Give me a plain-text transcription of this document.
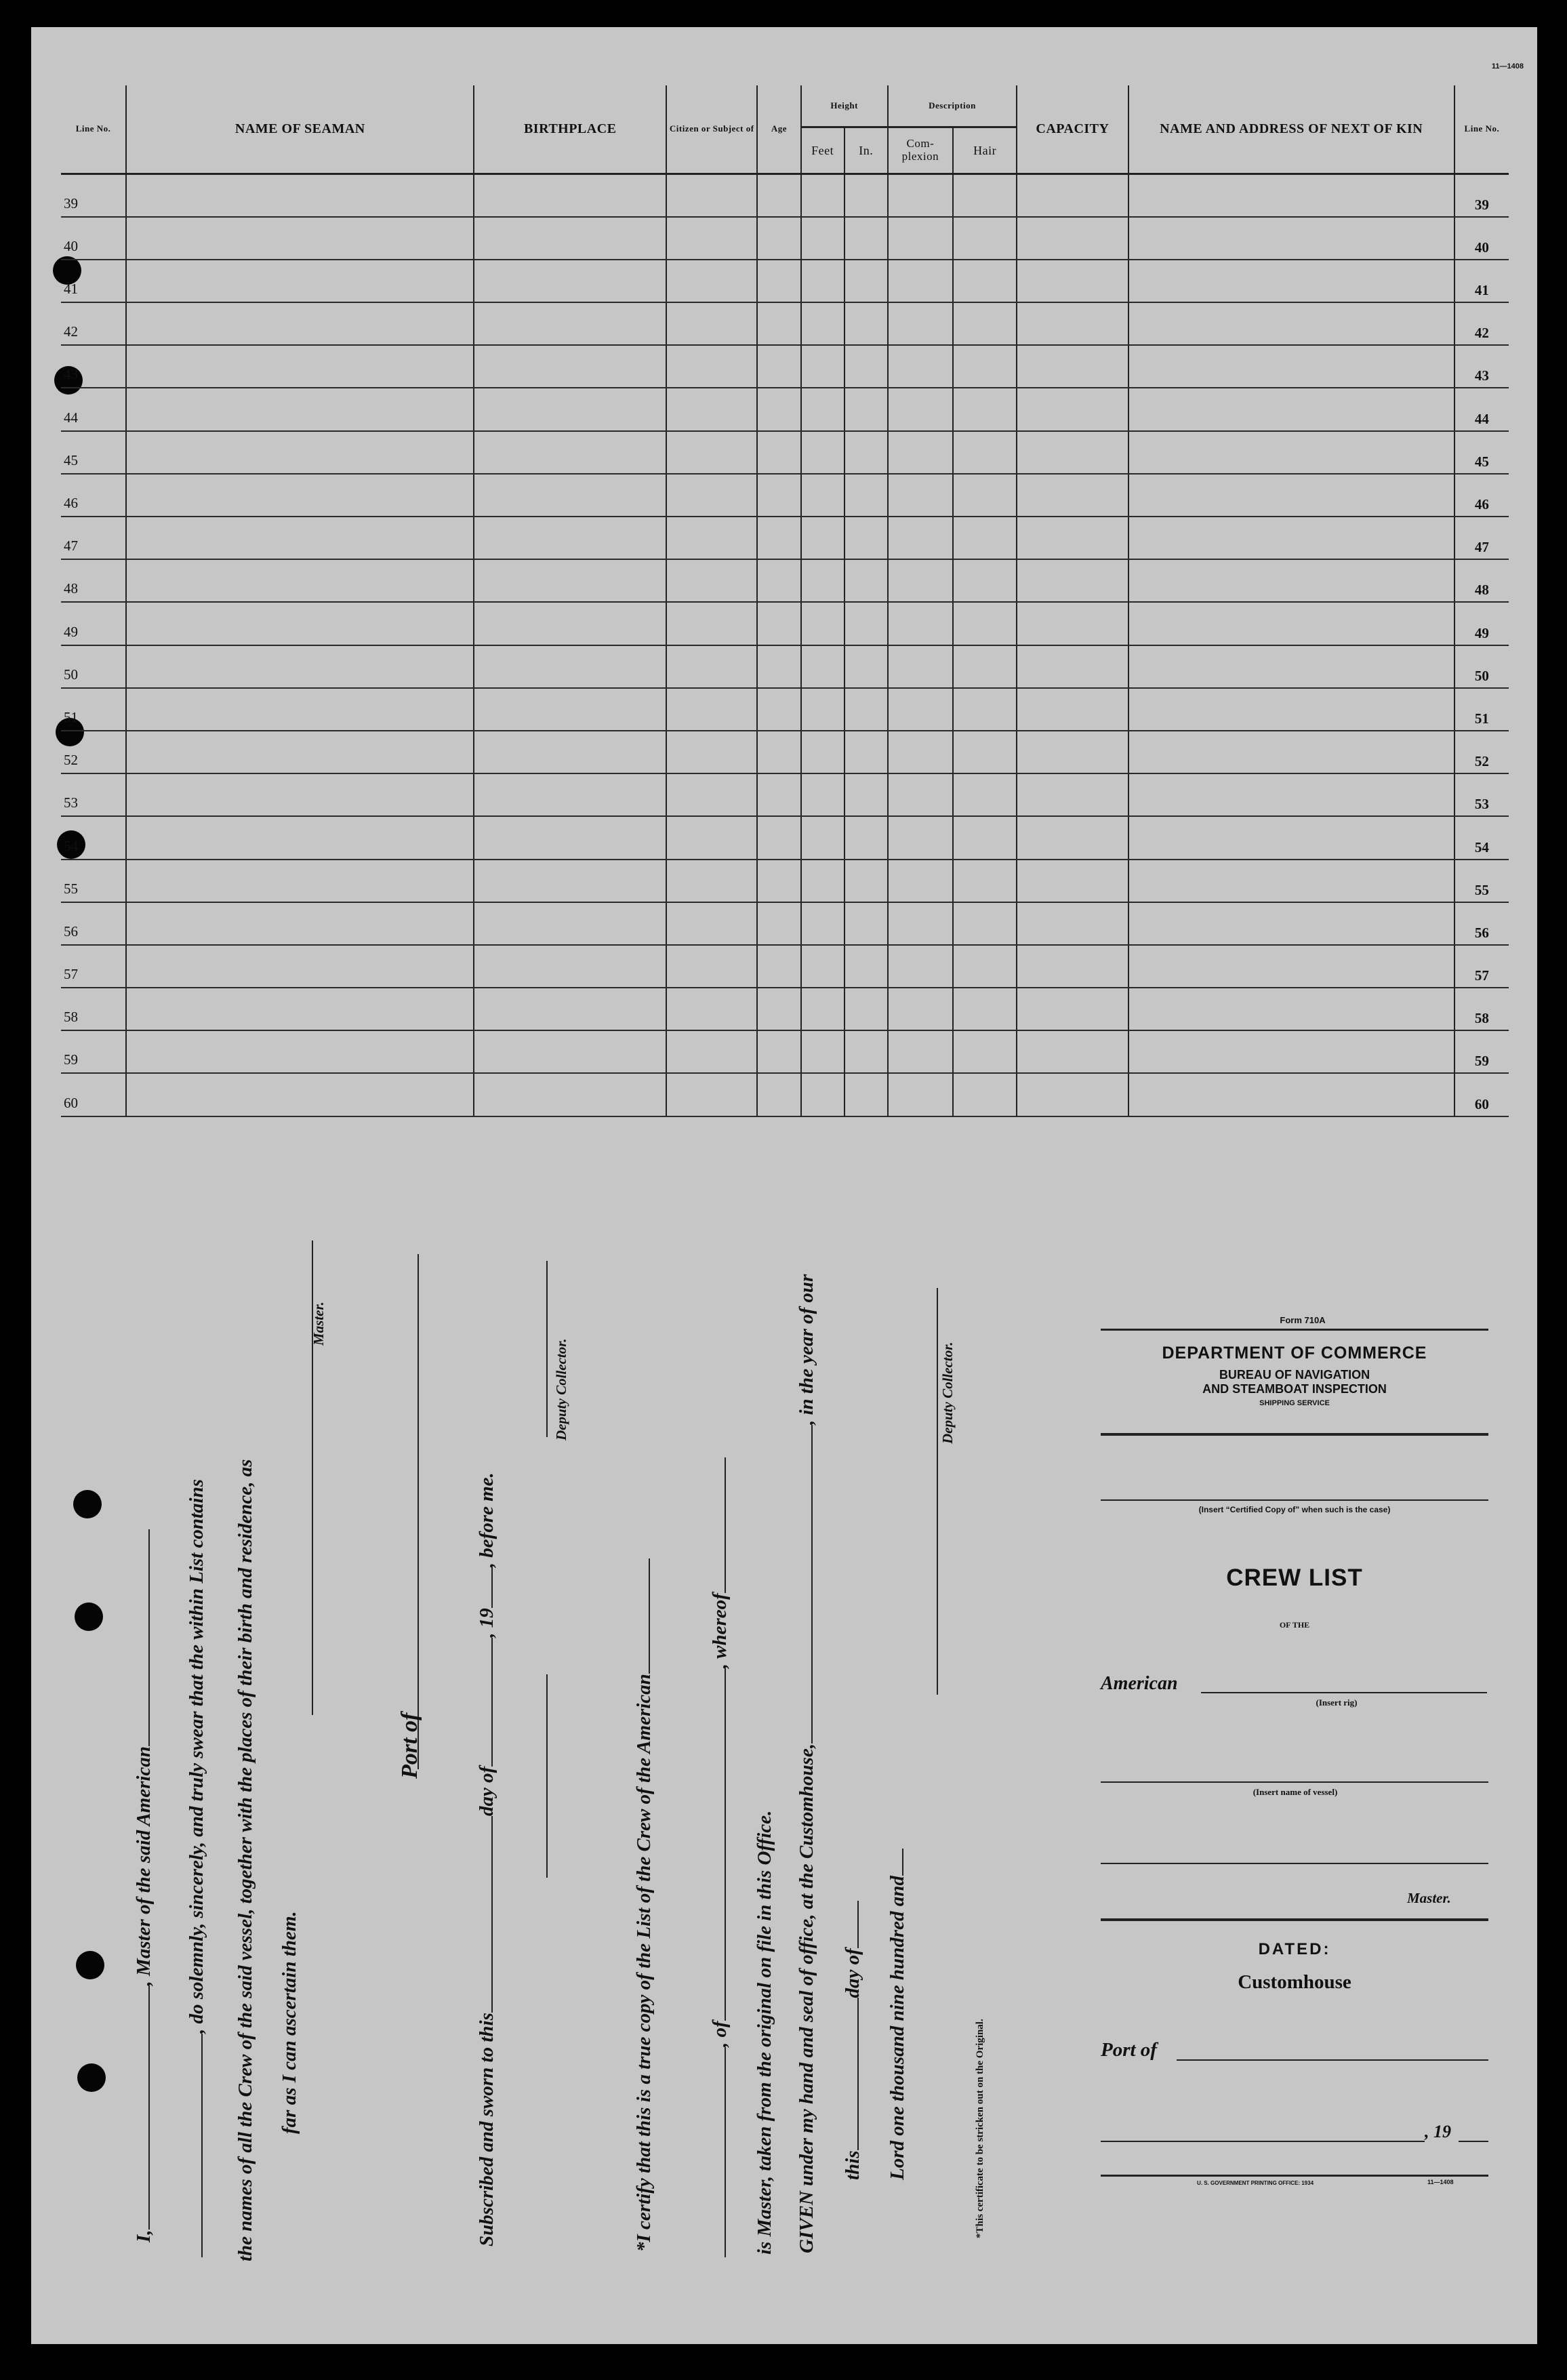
11—1408
Line No.	NAME OF SEAMAN	BIRTHPLACE	Citizen or Subject of	Age	Height		Description		CAPACITY	NAME AND ADDRESS OF NEXT OF KIN	Line No.
					Feet	In.	Com- plexion	Hair			
39											39
40											40
41											41
42											42
43											43
44											44
45											45
46											46
47											47
48											48
49											49
50											50
51											51
52											52
53											53
54											54
55											55
56											56
57											57
58											58
59											59
60											60
I,, Master of the said American , do solemnly, sincerely, and truly swear that the within List contains the names of all the Crew of the said vessel, together with the places of their birth and residence, as far as I can ascertain them.
Master.
Port of
Subscribed and sworn to thisday of, 19, before me.
Deputy Collector.
*I certify that this is a true copy of the List of the Crew of the American	, of, whereof
is Master, taken from the original on file in this Office. GIVEN under my hand and seal of office, at the Customhouse,, in the year of our
thisday of Lord one thousand nine hundred and
Deputy Collector.
*This certificate to be stricken out on the Original.
Form 710A
DEPARTMENT OF COMMERCE
BUREAU OF NAVIGATION
AND STEAMBOAT INSPECTION
SHIPPING SERVICE
(Insert “Certified Copy of” when such is the case)
CREW LIST
OF THE
American
(Insert rig)
(Insert name of vessel)
Master.
DATED:
Customhouse
Port of
, 19
U. S. GOVERNMENT PRINTING OFFICE: 1934	11—1408
